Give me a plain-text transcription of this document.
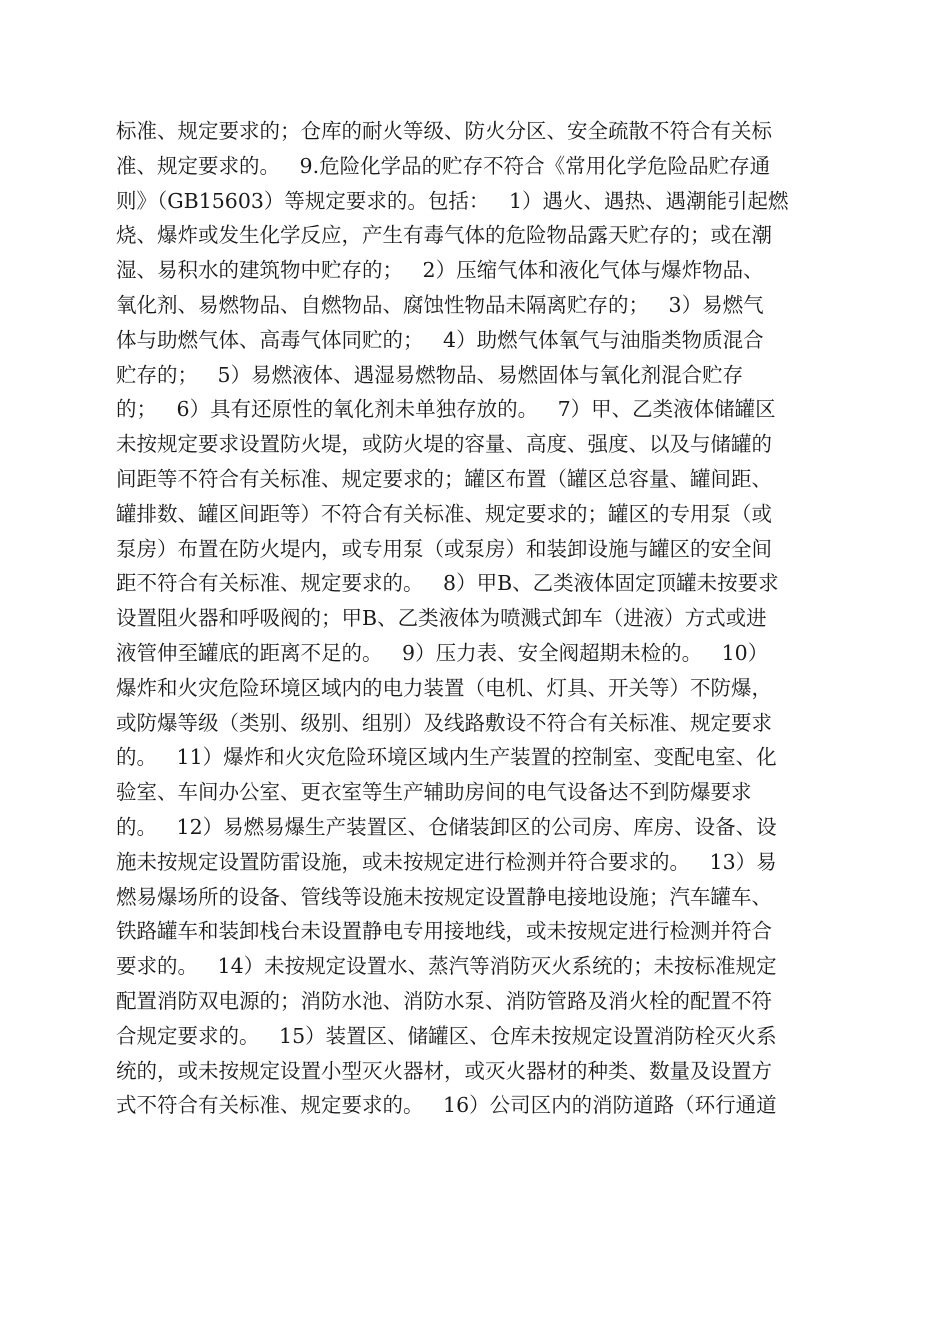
标准、规定要求的；仓库的耐火等级、防火分区、安全疏散不符合有关标
准、规定要求的。   9.危险化学品的贮存不符合《常用化学危险品贮存通
则》（GB15603）等规定要求的。包括：   1）遇火、遇热、遇潮能引起燃
烧、爆炸或发生化学反应，产生有毒气体的危险物品露天贮存的；或在潮
湿、易积水的建筑物中贮存的；   2）压缩气体和液化气体与爆炸物品、
氧化剂、易燃物品、自燃物品、腐蚀性物品未隔离贮存的；   3）易燃气
体与助燃气体、高毒气体同贮的；   4）助燃气体氧气与油脂类物质混合
贮存的；   5）易燃液体、遇湿易燃物品、易燃固体与氧化剂混合贮存
的；   6）具有还原性的氧化剂未单独存放的。   7）甲、乙类液体储罐区
未按规定要求设置防火堤，或防火堤的容量、高度、强度、以及与储罐的
间距等不符合有关标准、规定要求的；罐区布置（罐区总容量、罐间距、
罐排数、罐区间距等）不符合有关标准、规定要求的；罐区的专用泵（或
泵房）布置在防火堤内，或专用泵（或泵房）和装卸设施与罐区的安全间
距不符合有关标准、规定要求的。   8）甲B、乙类液体固定顶罐未按要求
设置阻火器和呼吸阀的；甲B、乙类液体为喷溅式卸车（进液）方式或进
液管伸至罐底的距离不足的。   9）压力表、安全阀超期未检的。   10）
爆炸和火灾危险环境区域内的电力装置（电机、灯具、开关等）不防爆，
或防爆等级（类别、级别、组别）及线路敷设不符合有关标准、规定要求
的。   11）爆炸和火灾危险环境区域内生产装置的控制室、变配电室、化
验室、车间办公室、更衣室等生产辅助房间的电气设备达不到防爆要求
的。   12）易燃易爆生产装置区、仓储装卸区的公司房、库房、设备、设
施未按规定设置防雷设施，或未按规定进行检测并符合要求的。   13）易
燃易爆场所的设备、管线等设施未按规定设置静电接地设施；汽车罐车、
铁路罐车和装卸栈台未设置静电专用接地线，或未按规定进行检测并符合
要求的。   14）未按规定设置水、蒸汽等消防灭火系统的；未按标准规定
配置消防双电源的；消防水池、消防水泵、消防管路及消火栓的配置不符
合规定要求的。   15）装置区、储罐区、仓库未按规定设置消防栓灭火系
统的，或未按规定设置小型灭火器材，或灭火器材的种类、数量及设置方
式不符合有关标准、规定要求的。   16）公司区内的消防道路（环行通道
